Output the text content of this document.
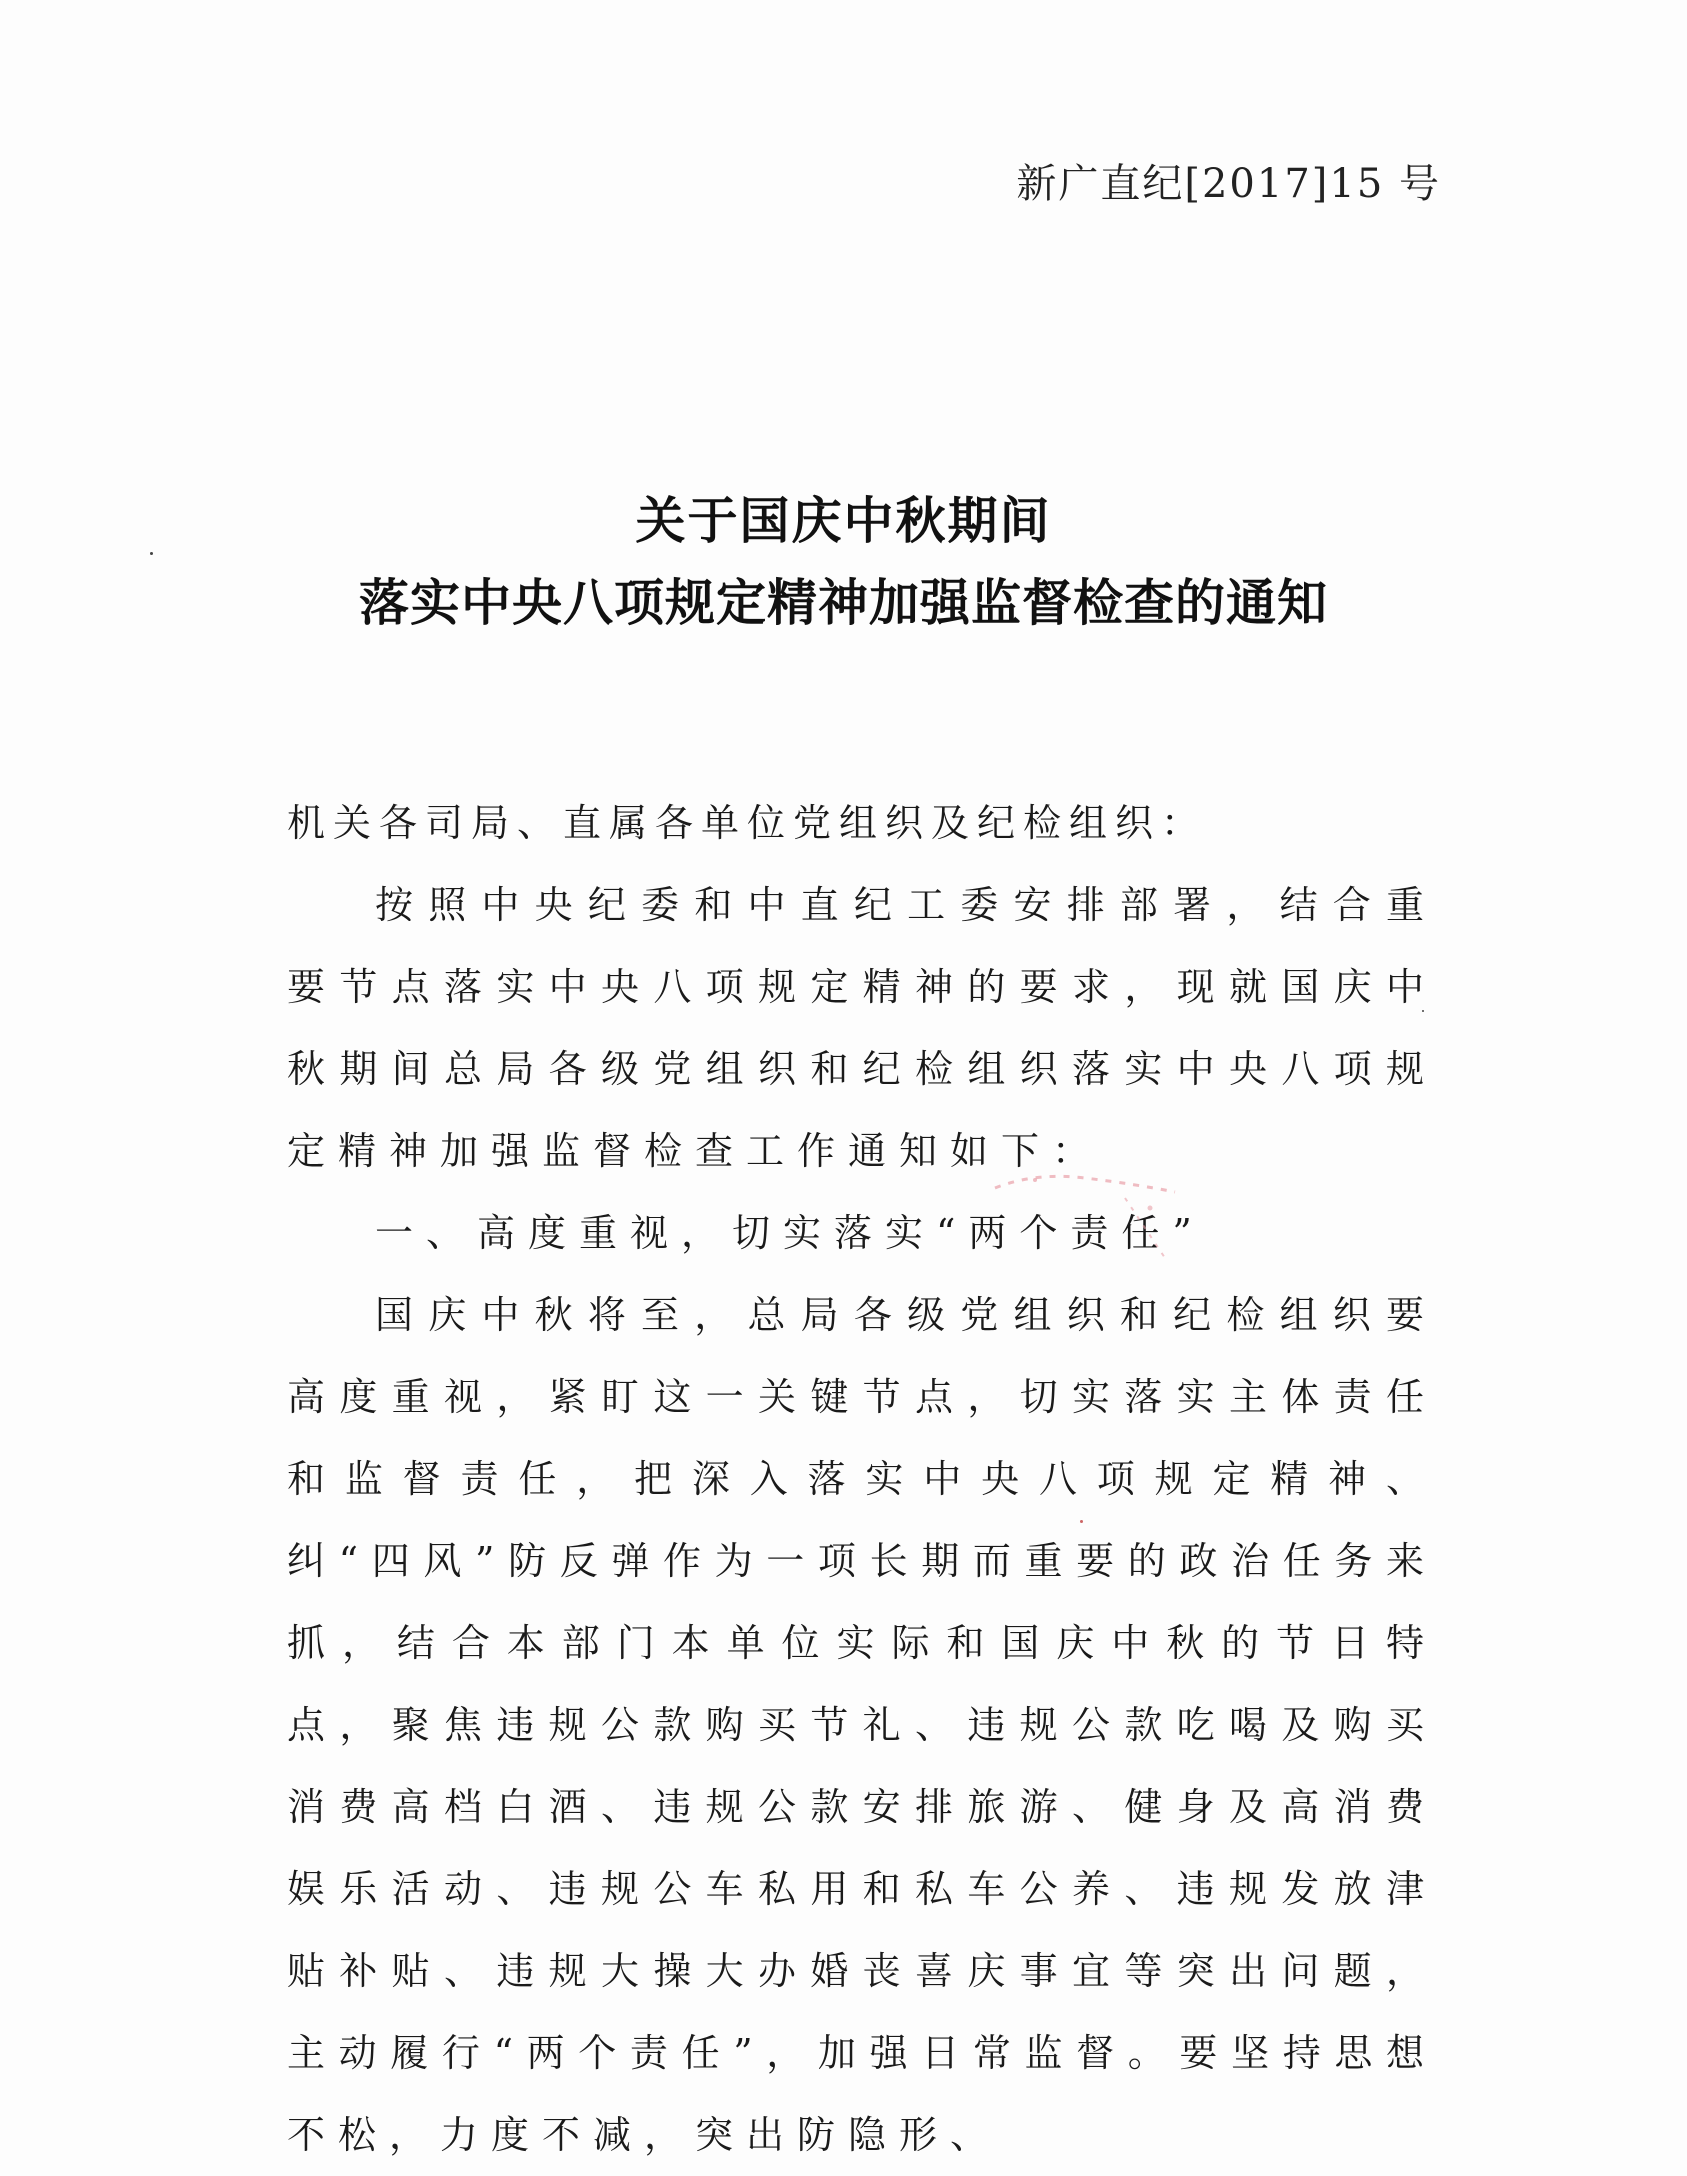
新广直纪[2017]15 号
关于国庆中秋期间
落实中央八项规定精神加强监督检查的通知

机关各司局、直属各单位党组织及纪检组织：

按照中央纪委和中直纪工委安排部署，结合重要节点落实中央八项规定精神的要求，现就国庆中秋期间总局各级党组织和纪检组织落实中央八项规定精神加强监督检查工作通知如下：

一、高度重视，切实落实“两个责任”

国庆中秋将至，总局各级党组织和纪检组织要高度重视，紧盯这一关键节点，切实落实主体责任和监督责任，把深入落实中央八项规定精神、纠“四风”防反弹作为一项长期而重要的政治任务来抓，结合本部门本单位实际和国庆中秋的节日特点，聚焦违规公款购买节礼、违规公款吃喝及购买消费高档白酒、违规公款安排旅游、健身及高消费娱乐活动、违规公车私用和私车公养、违规发放津贴补贴、违规大操大办婚丧喜庆事宜等突出问题，主动履行“两个责任”，加强日常监督。要坚持思想不松，力度不减，突出防隐形、
